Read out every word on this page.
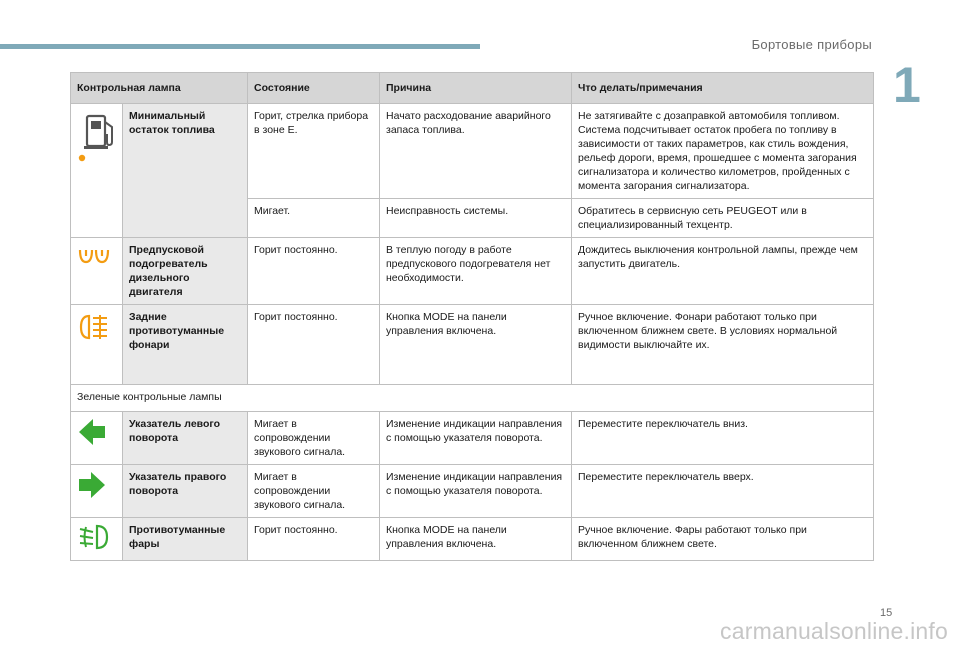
Бортовые приборы
1
Контрольная лампа		Состояние	Причина	Что делать/примечания
	Минимальный остаток топлива	Горит, стрелка прибора в зоне E.	Начато расходование аварийного запаса топлива.	Не затягивайте с дозаправкой автомобиля топливом. Система подсчитывает остаток пробега по топливу в зависимости от таких параметров, как стиль вождения, рельеф дороги, время, прошедшее с момента загорания сигнализатора и количество километров, пройденных с момента загорания сигнализатора.
		Мигает.	Неисправность системы.	Обратитесь в сервисную сеть PEUGEOT или в специализированный техцентр.
	Предпусковой подогреватель дизельного двигателя	Горит постоянно.	В теплую погоду в работе предпускового подогревателя нет необходимости.	Дождитесь выключения контрольной лампы, прежде чем запустить двигатель.
	Задние противотуманные фонари	Горит постоянно.	Кнопка MODE на панели управления включена.	Ручное включение. Фонари работают только при включенном ближнем свете. В условиях нормальной видимости выключайте их.
Зеленые контрольные лампы				
	Указатель левого поворота	Мигает в сопровождении звукового сигнала.	Изменение индикации направления с помощью указателя поворота.	Переместите переключатель вниз.
	Указатель правого поворота	Мигает в сопровождении звукового сигнала.	Изменение индикации направления с помощью указателя поворота.	Переместите переключатель вверх.
	Противотуманные фары	Горит постоянно.	Кнопка MODE на панели управления включена.	Ручное включение. Фары работают только при включенном ближнем свете.
15
carmanualsonline.info
